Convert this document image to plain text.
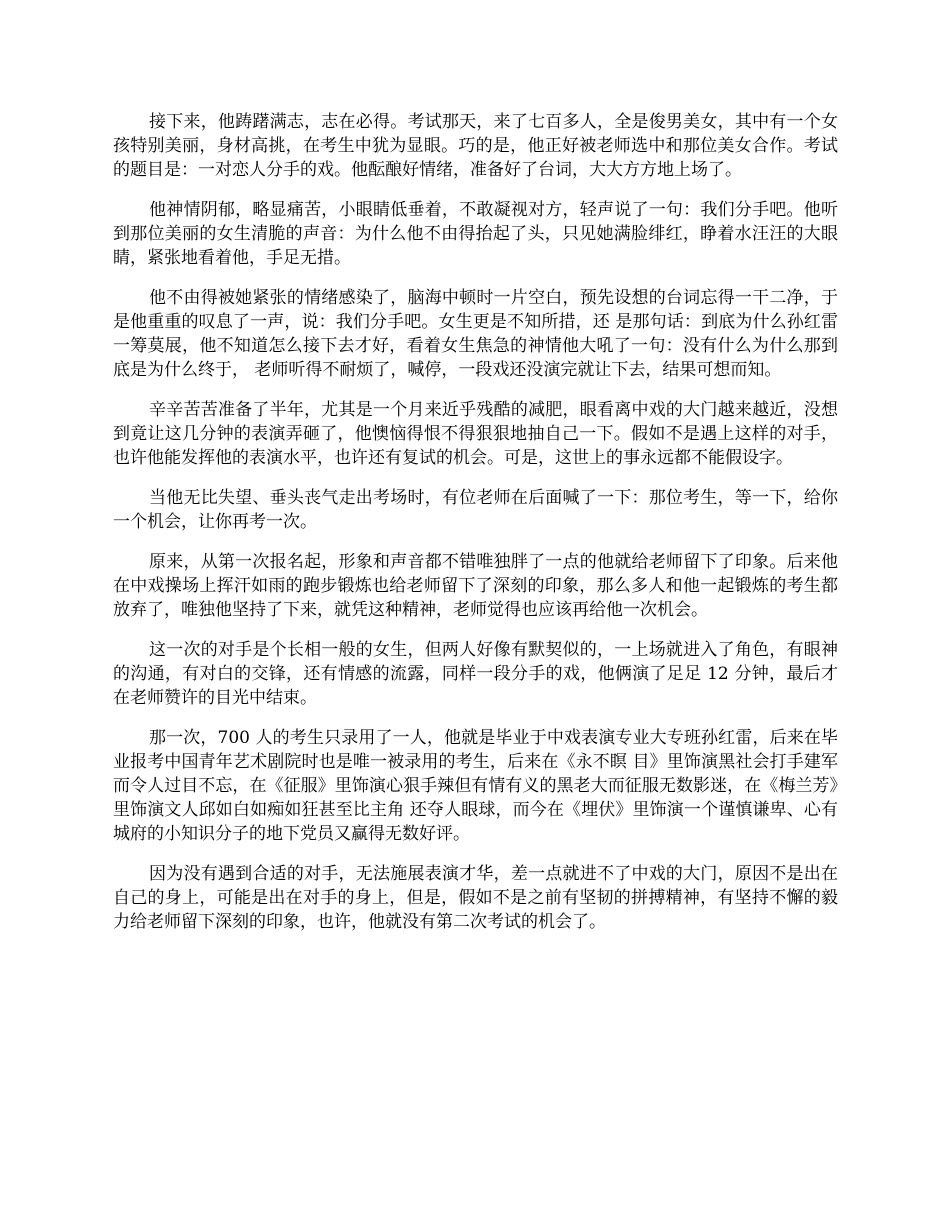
接下来，他踌躇满志，志在必得。考试那天，来了七百多人，全是俊男美女，其中有一个女孩特别美丽，身材高挑，在考生中犹为显眼。巧的是，他正好被老师选中和那位美女合作。考试的题目是：一对恋人分手的戏。他酝酿好情绪，准备好了台词，大大方方地上场了。

他神情阴郁，略显痛苦，小眼睛低垂着，不敢凝视对方，轻声说了一句：我们分手吧。他听到那位美丽的女生清脆的声音：为什么他不由得抬起了头，只见她满脸绯红，睁着水汪汪的大眼睛，紧张地看着他，手足无措。

他不由得被她紧张的情绪感染了，脑海中顿时一片空白，预先设想的台词忘得一干二净，于是他重重的叹息了一声，说：我们分手吧。女生更是不知所措，还 是那句话：到底为什么孙红雷一筹莫展，他不知道怎么接下去才好，看着女生焦急的神情他大吼了一句：没有什么为什么那到底是为什么终于， 老师听得不耐烦了，喊停，一段戏还没演完就让下去，结果可想而知。

辛辛苦苦准备了半年，尤其是一个月来近乎残酷的减肥，眼看离中戏的大门越来越近，没想到竟让这几分钟的表演弄砸了，他懊恼得恨不得狠狠地抽自己一下。假如不是遇上这样的对手，也许他能发挥他的表演水平，也许还有复试的机会。可是，这世上的事永远都不能假设字。

当他无比失望、垂头丧气走出考场时，有位老师在后面喊了一下：那位考生，等一下，给你一个机会，让你再考一次。

原来，从第一次报名起，形象和声音都不错唯独胖了一点的他就给老师留下了印象。后来他在中戏操场上挥汗如雨的跑步锻炼也给老师留下了深刻的印象，那么多人和他一起锻炼的考生都放弃了，唯独他坚持了下来，就凭这种精神，老师觉得也应该再给他一次机会。

这一次的对手是个长相一般的女生，但两人好像有默契似的，一上场就进入了角色，有眼神的沟通，有对白的交锋，还有情感的流露，同样一段分手的戏，他俩演了足足 12 分钟，最后才在老师赞许的目光中结束。

那一次，700 人的考生只录用了一人，他就是毕业于中戏表演专业大专班孙红雷，后来在毕业报考中国青年艺术剧院时也是唯一被录用的考生，后来在《永不瞑 目》里饰演黑社会打手建军而令人过目不忘，在《征服》里饰演心狠手辣但有情有义的黑老大而征服无数影迷，在《梅兰芳》里饰演文人邱如白如痴如狂甚至比主角 还夺人眼球，而今在《埋伏》里饰演一个谨慎谦卑、心有城府的小知识分子的地下党员又赢得无数好评。

因为没有遇到合适的对手，无法施展表演才华，差一点就进不了中戏的大门，原因不是出在自己的身上，可能是出在对手的身上，但是，假如不是之前有坚韧的拼搏精神，有坚持不懈的毅力给老师留下深刻的印象，也许，他就没有第二次考试的机会了。
